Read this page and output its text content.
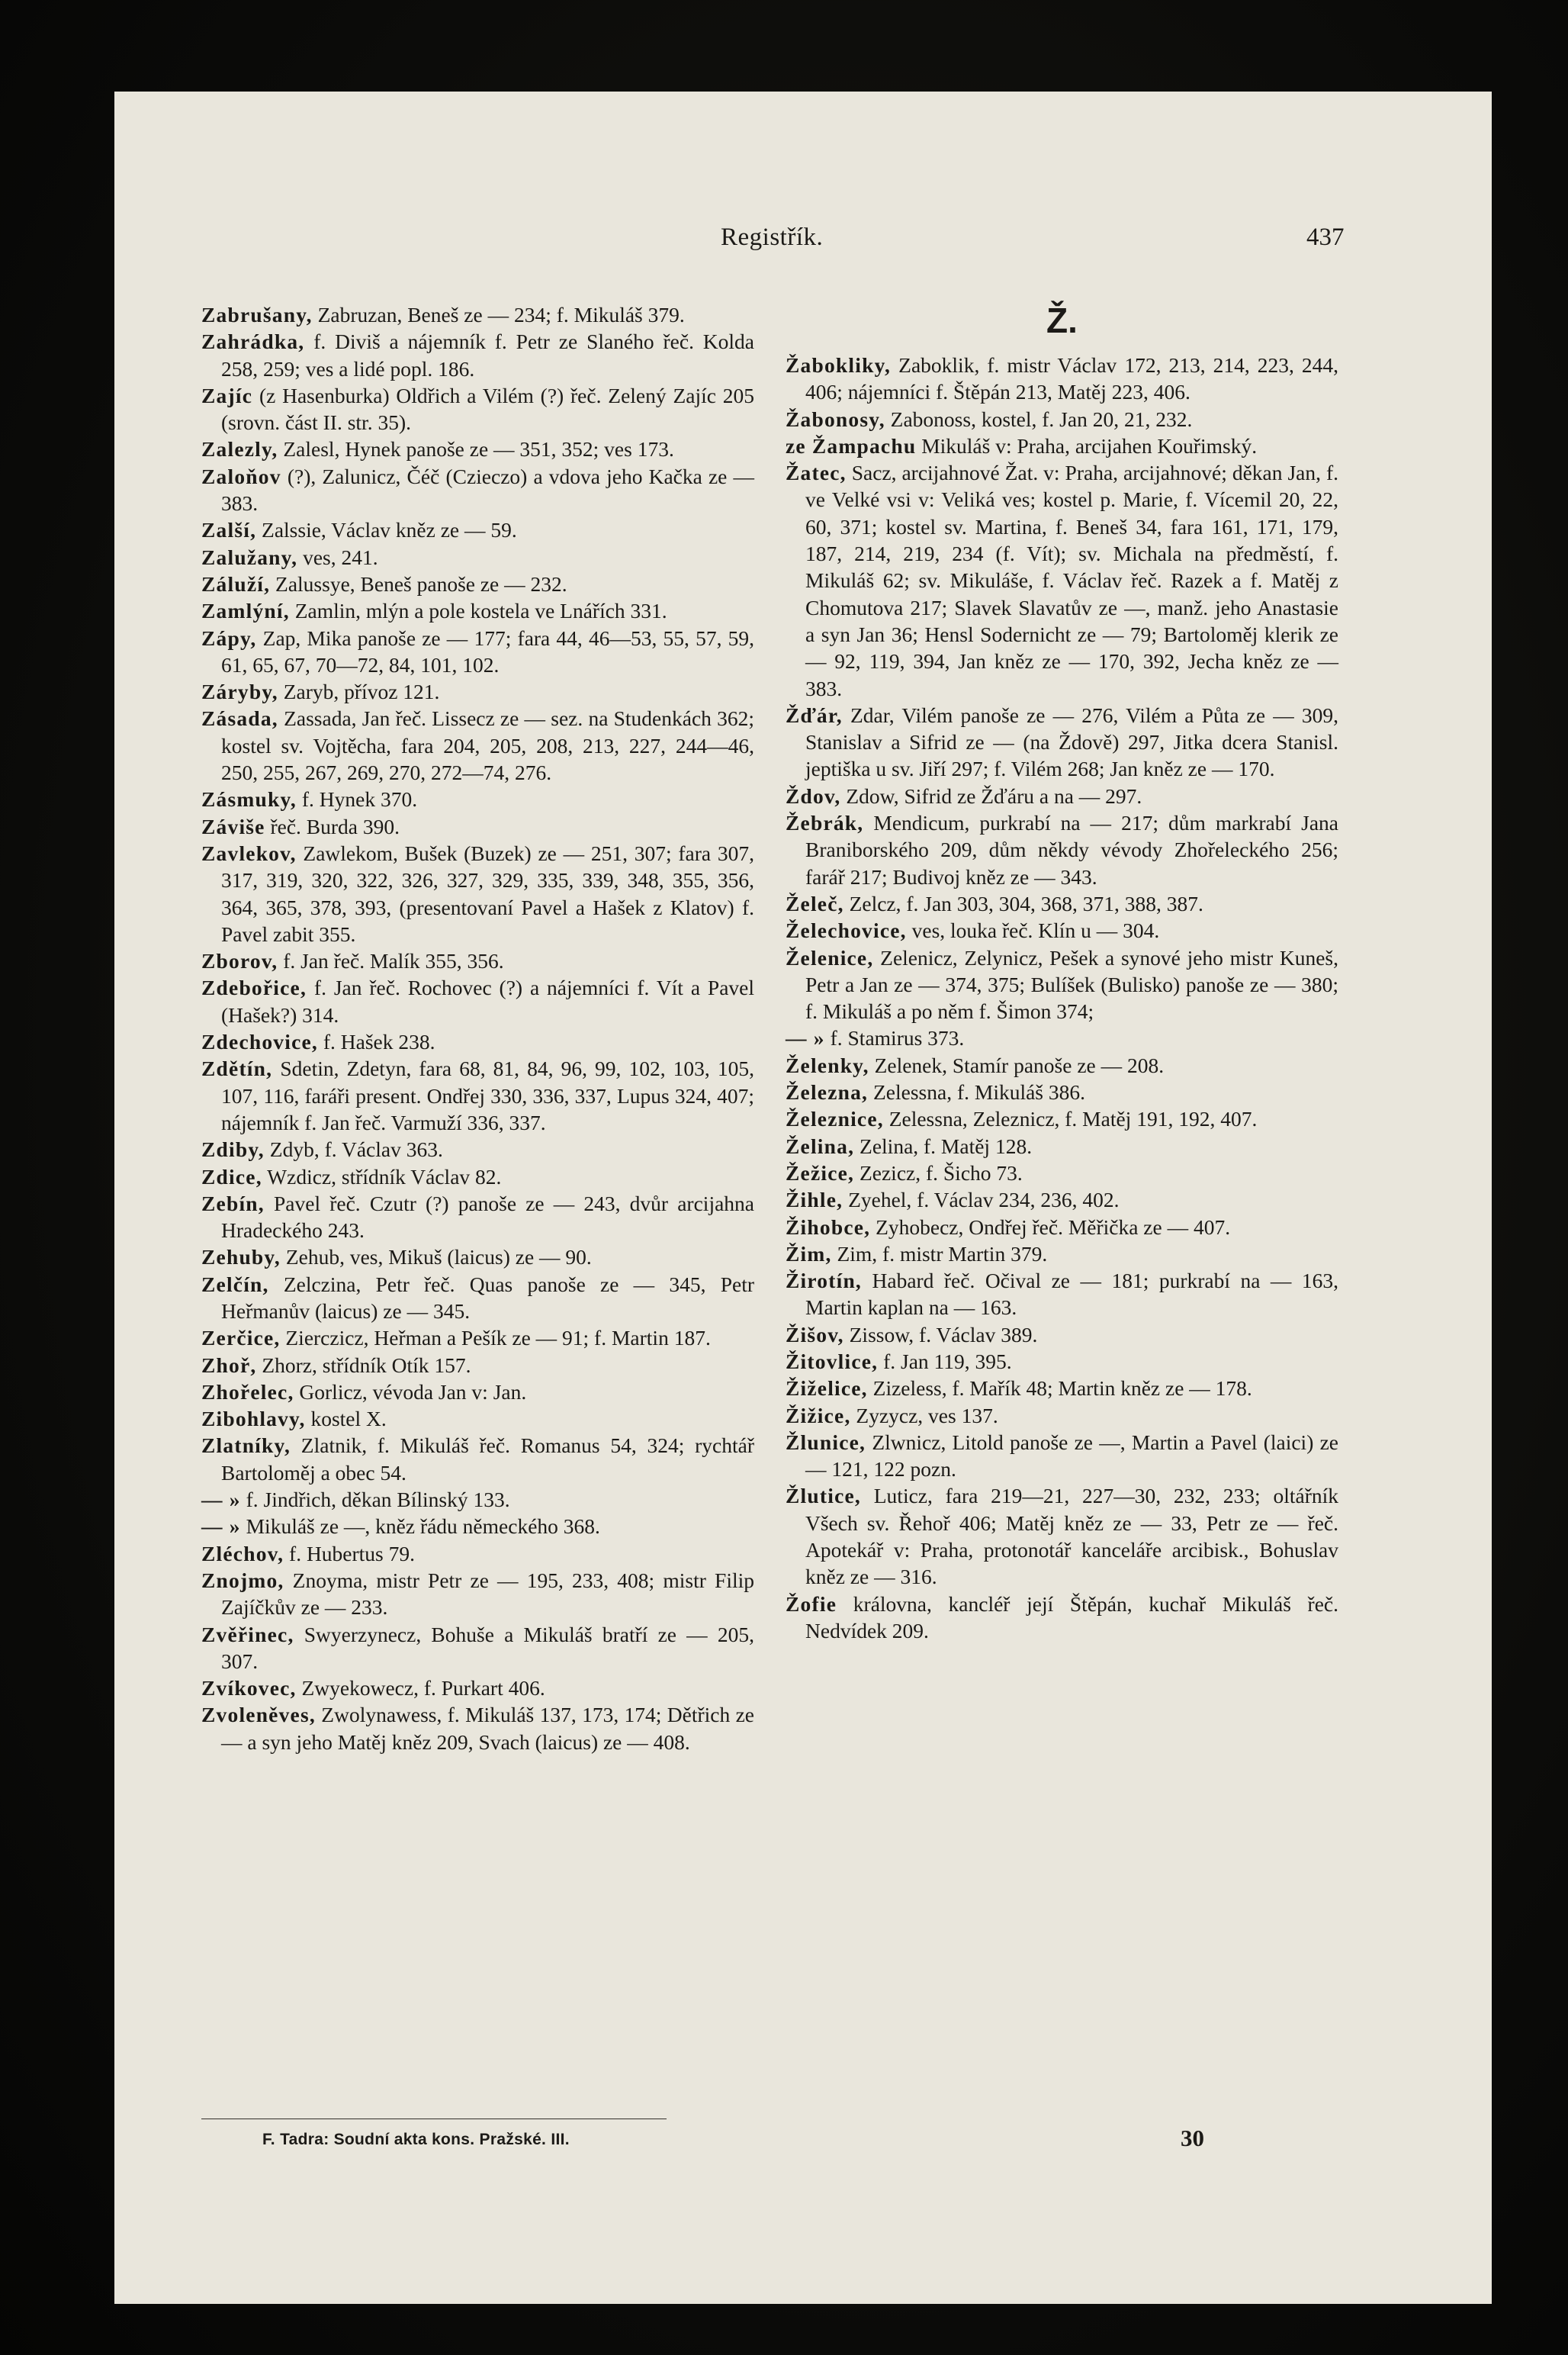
Registřík.	437

Zabrušany, Zabruzan, Beneš ze — 234; f. Mikuláš 379.

Zahrádka, f. Diviš a nájemník f. Petr ze Slaného řeč. Kolda 258, 259; ves a lidé popl. 186.

Zajíc (z Hasenburka) Oldřich a Vilém (?) řeč. Zelený Zajíc 205 (srovn. část II. str. 35).

Zalezly, Zalesl, Hynek panoše ze — 351, 352; ves 173.

Zaloňov (?), Zalunicz, Čéč (Czieczo) a vdova jeho Kačka ze — 383.

Zalší, Zalssie, Václav kněz ze — 59.

Zalužany, ves, 241.

Záluží, Zalussye, Beneš panoše ze — 232.

Zamlýní, Zamlin, mlýn a pole kostela ve Lnářích 331.

Zápy, Zap, Mika panoše ze — 177; fara 44, 46—53, 55, 57, 59, 61, 65, 67, 70—72, 84, 101, 102.

Záryby, Zaryb, přívoz 121.

Zásada, Zassada, Jan řeč. Lissecz ze — sez. na Studenkách 362; kostel sv. Vojtěcha, fara 204, 205, 208, 213, 227, 244—46, 250, 255, 267, 269, 270, 272—74, 276.

Zásmuky, f. Hynek 370.

Záviše řeč. Burda 390.

Zavlekov, Zawlekom, Bušek (Buzek) ze — 251, 307; fara 307, 317, 319, 320, 322, 326, 327, 329, 335, 339, 348, 355, 356, 364, 365, 378, 393, (presentovaní Pavel a Hašek z Klatov) f. Pavel zabit 355.

Zborov, f. Jan řeč. Malík 355, 356.

Zdebořice, f. Jan řeč. Rochovec (?) a nájemníci f. Vít a Pavel (Hašek?) 314.

Zdechovice, f. Hašek 238.

Zdětín, Sdetin, Zdetyn, fara 68, 81, 84, 96, 99, 102, 103, 105, 107, 116, faráři present. Ondřej 330, 336, 337, Lupus 324, 407; nájemník f. Jan řeč. Varmuží 336, 337.

Zdiby, Zdyb, f. Václav 363.

Zdice, Wzdicz, střídník Václav 82.

Zebín, Pavel řeč. Czutr (?) panoše ze — 243, dvůr arcijahna Hradeckého 243.

Zehuby, Zehub, ves, Mikuš (laicus) ze — 90.

Zelčín, Zelczina, Petr řeč. Quas panoše ze — 345, Petr Heřmanův (laicus) ze — 345.

Zerčice, Zierczicz, Heřman a Pešík ze — 91; f. Martin 187.

Zhoř, Zhorz, střídník Otík 157.

Zhořelec, Gorlicz, vévoda Jan v: Jan.

Zibohlavy, kostel X.

Zlatníky, Zlatnik, f. Mikuláš řeč. Romanus 54, 324; rychtář Bartoloměj a obec 54.

— » f. Jindřich, děkan Bílinský 133.

— » Mikuláš ze —, kněz řádu německého 368.

Zléchov, f. Hubertus 79.

Znojmo, Znoyma, mistr Petr ze — 195, 233, 408; mistr Filip Zajíčkův ze — 233.

Zvěřinec, Swyerzynecz, Bohuše a Mikuláš bratří ze — 205, 307.

Zvíkovec, Zwyekowecz, f. Purkart 406.

Zvoleněves, Zwolynawess, f. Mikuláš 137, 173, 174; Dětřich ze — a syn jeho Matěj kněz 209, Svach (laicus) ze — 408.

Ž.

Žabokliky, Zaboklik, f. mistr Václav 172, 213, 214, 223, 244, 406; nájemníci f. Štěpán 213, Matěj 223, 406.

Žabonosy, Zabonoss, kostel, f. Jan 20, 21, 232.

ze Žampachu Mikuláš v: Praha, arcijahen Kouřimský.

Žatec, Sacz, arcijahnové Žat. v: Praha, arcijahnové; děkan Jan, f. ve Velké vsi v: Veliká ves; kostel p. Marie, f. Vícemil 20, 22, 60, 371; kostel sv. Martina, f. Beneš 34, fara 161, 171, 179, 187, 214, 219, 234 (f. Vít); sv. Michala na předměstí, f. Mikuláš 62; sv. Mikuláše, f. Václav řeč. Razek a f. Matěj z Chomutova 217; Slavek Slavatův ze —, manž. jeho Anastasie a syn Jan 36; Hensl Sodernicht ze — 79; Bartoloměj klerik ze — 92, 119, 394, Jan kněz ze — 170, 392, Jecha kněz ze — 383.

Žďár, Zdar, Vilém panoše ze — 276, Vilém a Půta ze — 309, Stanislav a Sifrid ze — (na Ždově) 297, Jitka dcera Stanisl. jeptiška u sv. Jiří 297; f. Vilém 268; Jan kněz ze — 170.

Ždov, Zdow, Sifrid ze Žďáru a na — 297.

Žebrák, Mendicum, purkrabí na — 217; dům markrabí Jana Braniborského 209, dům někdy vévody Zhořeleckého 256; farář 217; Budivoj kněz ze — 343.

Želeč, Zelcz, f. Jan 303, 304, 368, 371, 388, 387.

Želechovice, ves, louka řeč. Klín u — 304.

Želenice, Zelenicz, Zelynicz, Pešek a synové jeho mistr Kuneš, Petr a Jan ze — 374, 375; Bulíšek (Bulisko) panoše ze — 380; f. Mikuláš a po něm f. Šimon 374;

— » f. Stamirus 373.

Želenky, Zelenek, Stamír panoše ze — 208.

Železna, Zelessna, f. Mikuláš 386.

Železnice, Zelessna, Zeleznicz, f. Matěj 191, 192, 407.

Želina, Zelina, f. Matěj 128.

Žežice, Zezicz, f. Šicho 73.

Žihle, Zyehel, f. Václav 234, 236, 402.

Žihobce, Zyhobecz, Ondřej řeč. Měřička ze — 407.

Žim, Zim, f. mistr Martin 379.

Žirotín, Habard řeč. Očival ze — 181; purkrabí na — 163, Martin kaplan na — 163.

Žišov, Zissow, f. Václav 389.

Žitovlice, f. Jan 119, 395.

Žiželice, Zizeless, f. Mařík 48; Martin kněz ze — 178.

Žižice, Zyzycz, ves 137.

Žlunice, Zlwnicz, Litold panoše ze —, Martin a Pavel (laici) ze — 121, 122 pozn.

Žlutice, Luticz, fara 219—21, 227—30, 232, 233; oltářník Všech sv. Řehoř 406; Matěj kněz ze — 33, Petr ze — řeč. Apotekář v: Praha, protonotář kanceláře arcibisk., Bohuslav kněz ze — 316.

Žofie královna, kancléř její Štěpán, kuchař Mikuláš řeč. Nedvídek 209.

F. Tadra: Soudní akta kons. Pražské. III.	30
